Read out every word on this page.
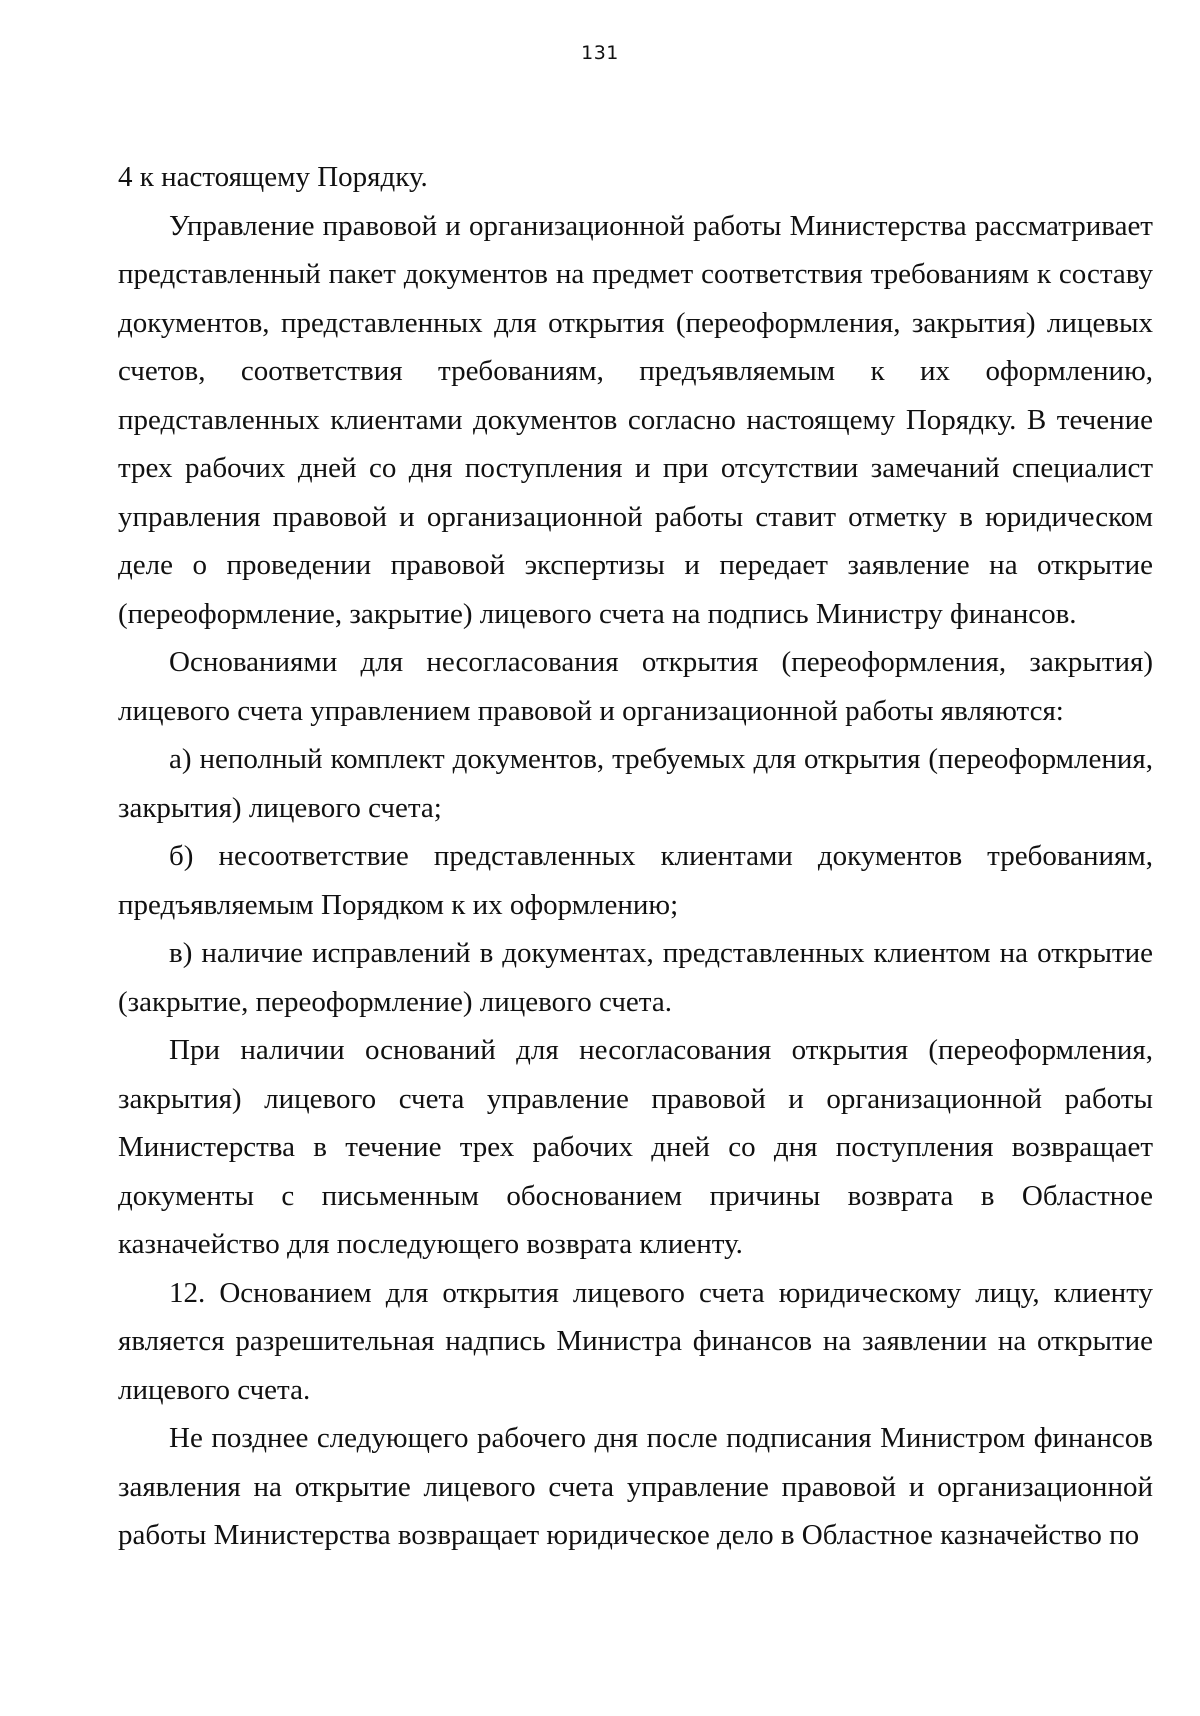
131

4 к настоящему Порядку.

Управление правовой и организационной работы Министерства рассматривает представленный пакет документов на предмет соответствия требованиям к составу документов, представленных для открытия (переоформления, закрытия) лицевых счетов, соответствия требованиям, предъявляемым к их оформлению, представленных клиентами документов согласно настоящему Порядку. В течение трех рабочих дней со дня поступления и при отсутствии замечаний специалист управления правовой и организационной работы ставит отметку в юридическом деле о проведении правовой экспертизы и передает заявление на открытие (переоформление, закрытие) лицевого счета на подпись Министру финансов.

Основаниями для несогласования открытия (переоформления, закрытия) лицевого счета управлением правовой и организационной работы являются:

а) неполный комплект документов, требуемых для открытия (переоформления, закрытия) лицевого счета;

б) несоответствие представленных клиентами документов требованиям, предъявляемым Порядком к их оформлению;

в) наличие исправлений в документах, представленных клиентом на открытие (закрытие, переоформление) лицевого счета.

При наличии оснований для несогласования открытия (переоформления, закрытия) лицевого счета управление правовой и организационной работы Министерства в течение трех рабочих дней со дня поступления возвращает документы с письменным обоснованием причины возврата в Областное казначейство для последующего возврата клиенту.

12. Основанием для открытия лицевого счета юридическому лицу, клиенту является разрешительная надпись Министра финансов на заявлении на открытие лицевого счета.

Не позднее следующего рабочего дня после подписания Министром финансов заявления на открытие лицевого счета управление правовой и организационной работы Министерства возвращает юридическое дело в Областное казначейство по
